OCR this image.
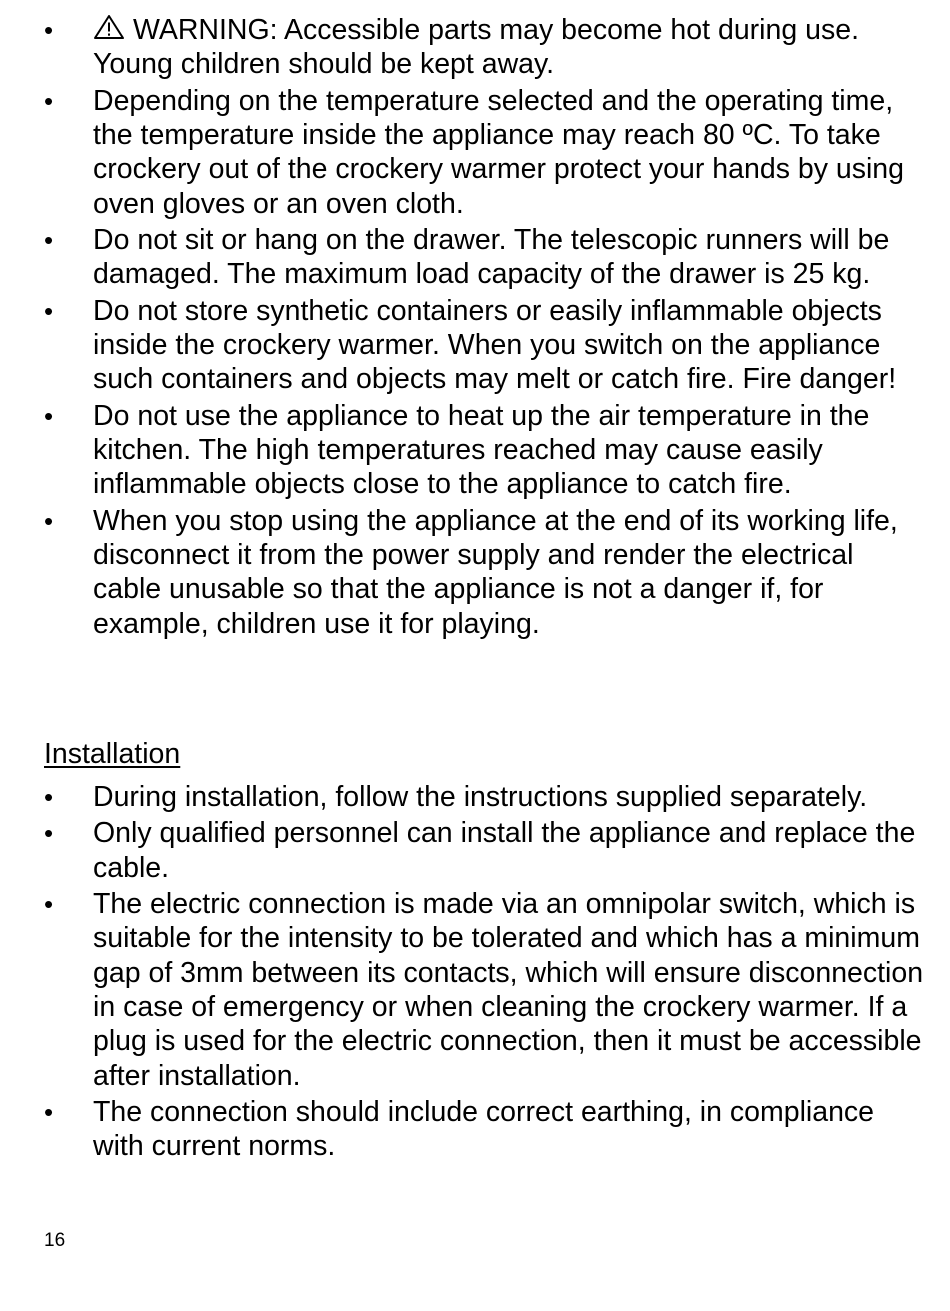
•	WARNING: Accessible parts may become hot during use. Young children should be kept away.
•	Depending on the temperature selected and the operating time, the temperature inside the appliance may reach 80 ºC. To take crockery out of the crockery warmer protect your hands by using oven gloves or an oven cloth.
•	Do not sit or hang on the drawer. The telescopic runners will be damaged. The maximum load capacity of the drawer is 25 kg.
•	Do not store synthetic containers or easily inflammable objects inside the crockery warmer. When you switch on the appliance such containers and objects may melt or catch fire. Fire danger!
•	Do not use the appliance to heat up the air temperature in the kitchen. The high temperatures reached may cause easily inflammable objects close to the appliance to catch fire.
•	When you stop using the appliance at the end of its working life, disconnect it from the power supply and render the electrical cable unusable so that the appliance is not a danger if, for example, children use it for playing.
Installation
•	During installation, follow the instructions supplied separately.
•	Only qualified personnel can install the appliance and replace the cable.
•	The electric connection is made via an omnipolar switch, which is suitable for the intensity to be tolerated and which has a minimum gap of 3mm between its contacts, which will ensure disconnection in case of emergency or when cleaning the crockery warmer. If a plug is used for the electric connection, then it must be accessible after installation.
•	The connection should include correct earthing, in compliance with current norms.
16
